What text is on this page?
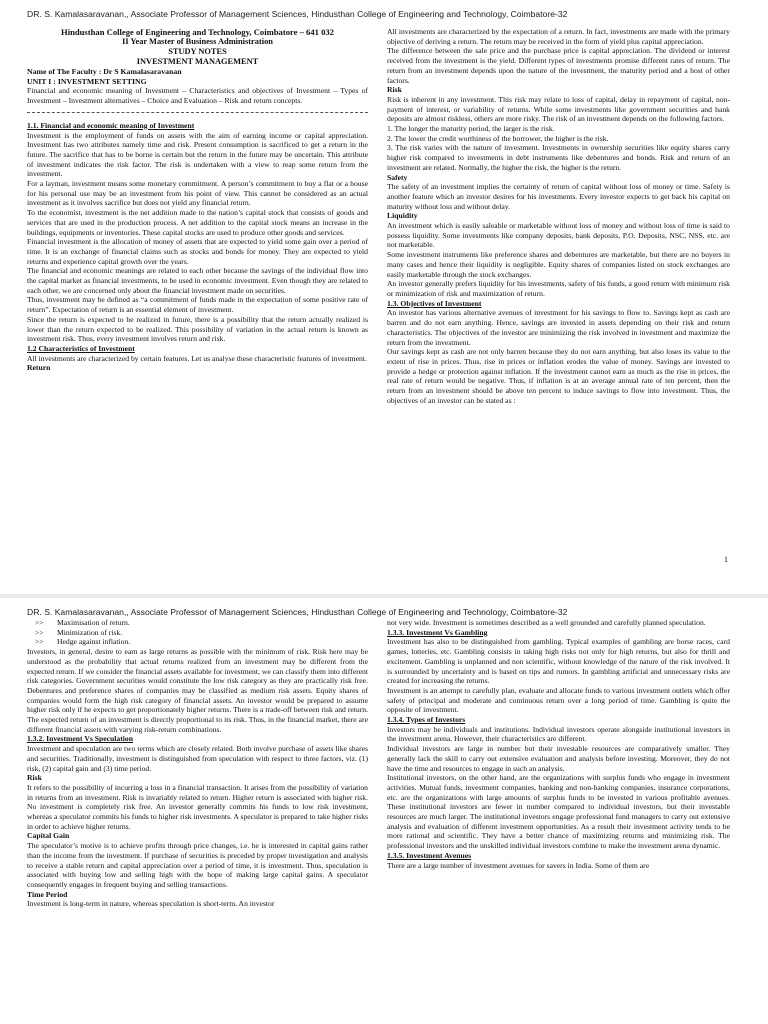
DR. S. Kamalasaravanan,, Associate Professor of Management Sciences, Hindusthan College of Engineering and Technology, Coimbatore-32

Hindusthan College of Engineering and Technology, Coimbatore – 641 032

II Year Master of Business Administration

STUDY NOTES

INVESTMENT MANAGEMENT

Name of The Faculty : Dr S Kamalasaravanan

UNIT I : INVESTMENT SETTING

Financial and economic meaning of Investment – Characteristics and objectives of Investment – Types of Investment – Investment alternatives – Choice and Evaluation – Risk and return concepts.

1.1. Financial and economic meaning of Investment

Investment is the employment of funds on assets with the aim of earning income or capital appreciation. Investment has two attributes namely time and risk. Present consumption is sacrificed to get a return in the future. The sacrifice that has to be borne is certain but the return in the future may be uncertain. This attribute of investment indicates the risk factor. The risk is undertaken with a view to reap some return from the investment.

For a layman, investment means some monetary commitment. A person’s commitment to buy a flat or a house for his personal use may be an investment from his point of view. This cannot be considered as an actual investment as it involves sacrifice but does not yield any financial return.

To the economist, investment is the net addition made to the nation’s capital stock that consists of goods and services that are used in the production process. A net addition to the capital stock means an increase in the buildings, equipments or inventories. These capital stocks are used to produce other goods and services.

Financial investment is the allocation of money of assets that are expected to yield some gain over a period of time. It is an exchange of financial claims such as stocks and bonds for money. They are expected to yield returns and experience capital growth over the years.

The financial and economic meanings are related to each other because the savings of the individual flow into the capital market as financial investments, to be used in economic investment. Even though they are related to each other, we are concerned only about the financial investment made on securities.

Thus, investment may be defined as “a commitment of funds made in the expectation of some positive rate of return”. Expectation of return is an essential element of investment.

Since the return is expected to be realized in future, there is a possibility that the return actually realized is lower than the return expected to be realized. This possibility of variation in the actual return is known as investment risk. Thus, every investment involves return and risk.

1.2 Characteristics of Investment

All investments are characterized by certain features. Let us analyse these characteristic features of investment.

Return

All investments are characterized by the expectation of a return. In fact, investments are made with the primary objective of deriving a return. The return may be received in the form of yield plus capital appreciation.

The difference between the sale price and the purchase price is capital appreciation. The dividend or interest received from the investment is the yield. Different types of investments promise different rates of return. The return from an investment depends upon the nature of the investment, the maturity period and a host of other factors.

Risk

Risk is inherent in any investment. This risk may relate to loss of capital, delay in repayment of capital, non-payment of interest, or variability of returns. While some investments like government securities and bank deposits are almost riskless, others are more risky. The risk of an investment depends on the following factors.

1. The longer the maturity period, the larger is the risk.

2. The lower the credit worthiness of the borrower, the higher is the risk.

3. The risk varies with the nature of investment. Investments in ownership securities like equity shares carry higher risk compared to investments in debt instruments like debentures and bonds. Risk and return of an investment are related. Normally, the higher the risk, the higher is the return.

Safety

The safety of an investment implies the certainty of return of capital without loss of money or time. Safety is another feature which an investor desires for his investments. Every investor expects to get back his capital on maturity without loss and without delay.

Liquidity

An investment which is easily saleable or marketable without loss of money and without loss of time is said to possess liquidity. Some investments like company deposits, bank deposits, P.O. Deposits, NSC, NSS, etc. are not marketable.

Some investment instruments like preference shares and debentures are marketable, but there are no buyers in many cases and hence their liquidity is negligible. Equity shares of companies listed on stock exchanges are easily marketable through the stock exchanges.

An investor generally prefers liquidity for his investments, safety of his funds, a good return with minimum risk or minimization of risk and maximization of return.

1.3. Objectives of Investment

An investor has various alternative avenues of investment for his savings to flow to. Savings kept as cash are barren and do not earn anything. Hence, savings are invested in assets depending on their risk and return characteristics. The objectives of the investor are minimizing the risk involved in investment and maximize the return from the investment.

Our savings kept as cash are not only barren because they do not earn anything, but also loses its value to the extent of rise in prices. Thus, rise in prices or inflation erodes the value of money. Savings are invested to provide a hedge or protection against inflation. If the investment cannot earn as much as the rise in prices, the real rate of return would be negative. Thus, if inflation is at an average annual rate of ten percent, then the return from an investment should be above ten percent to induce savings to flow into investment. Thus, the objectives of an investor can be stated as :

1
DR. S. Kamalasaravanan,, Associate Professor of Management Sciences, Hindusthan College of Engineering and Technology, Coimbatore-32

>> Maximisation of return.

>> Minimization of risk.

>> Hedge against inflation.

Investors, in general, desire to earn as large returns as possible with the minimum of risk. Risk here may be understood as the probability that actual returns realized from an investment may be different from the expected return. If we consider the financial assets available for investment, we can classify them into different risk categories. Government securities would constitute the low risk category as they are practically risk free. Debentures and preference shares of companies may be classified as medium risk assets. Equity shares of companies would form the high risk category of financial assets. An investor would be prepared to assume higher risk only if he expects to get proportionately higher returns. There is a trade-off between risk and return. The expected return of an investment is directly proportional to its risk. Thus, in the financial market, there are different financial assets with varying risk-return combinations.

1.3.2. Investment Vs Speculation

Investment and speculation are two terms which are closely related. Both involve purchase of assets like shares and securities. Traditionally, investment is distinguished from speculation with respect to three factors, viz. (1) risk, (2) capital gain and (3) time period.

Risk

It refers to the possibility of incurring a loss in a financial transaction. It arises from the possibility of variation in returns from an investment. Risk is invariably related to return. Higher return is associated with higher risk. No investment is completely risk free. An investor generally commits his funds to low risk investment, whereas a speculator commits his funds to higher risk investments. A speculator is prepared to take higher risks in order to achieve higher returns.

Capital Gain

The speculator’s motive is to achieve profits through price changes, i.e. he is interested in capital gains rather than the income from the investment. If purchase of securities is preceded by proper investigation and analysis to receive a stable return and capital appreciation over a period of time, it is investment. Thus, speculation is associated with buying low and selling high with the hope of making large capital gains. A speculator consequently engages in frequent buying and selling transactions.

Time Period

Investment is long-term in nature, whereas speculation is short-term. An investor

not very wide. Investment is sometimes described as a well grounded and carefully planned speculation.

1.3.3. Investment Vs Gambling

Investment has also to be distinguished from gambling. Typical examples of gambling are horse races, card games, lotteries, etc. Gambling consists in taking high risks not only for high returns, but also for thrill and excitement. Gambling is unplanned and non scientific, without knowledge of the nature of the risk involved. It is surrounded by uncertainty and is based on tips and rumors. In gambling artificial and unnecessary risks are created for increasing the returns.

Investment is an attempt to carefully plan, evaluate and allocate funds to various investment outlets which offer safety of principal and moderate and continuous return over a long period of time. Gambling is quite the opposite of investment.

1.3.4. Types of Investors

Investors may be individuals and institutions. Individual investors operate alongside institutional investors in the investment arena. However, their characteristics are different.

Individual investors are large in number but their investable resources are comparatively smaller. They generally lack the skill to carry out extensive evaluation and analysis before investing. Moreover, they do not have the time and resources to engage in such an analysis.

Institutional investors, on the other hand, are the organizations with surplus funds who engage in investment activities. Mutual funds, investment companies, banking and non-banking companies, insurance corporations, etc. are the organizations with large amounts of surplus funds to be invested in various profitable avenues. These institutional investors are fewer in number compared to individual investors, but their investable resources are much larger. The institutional investors engage professional fund managers to carry out extensive analysis and evaluation of different investment opportunities. As a result their investment activity tends to be more rational and scientific. They have a better chance of maximizing returns and minimizing risk. The professional investors and the unskilled individual investors combine to make the investment arena dynamic.

1.3.5. Investment Avenues

There are a large number of investment avenues for savers in India. Some of them are
